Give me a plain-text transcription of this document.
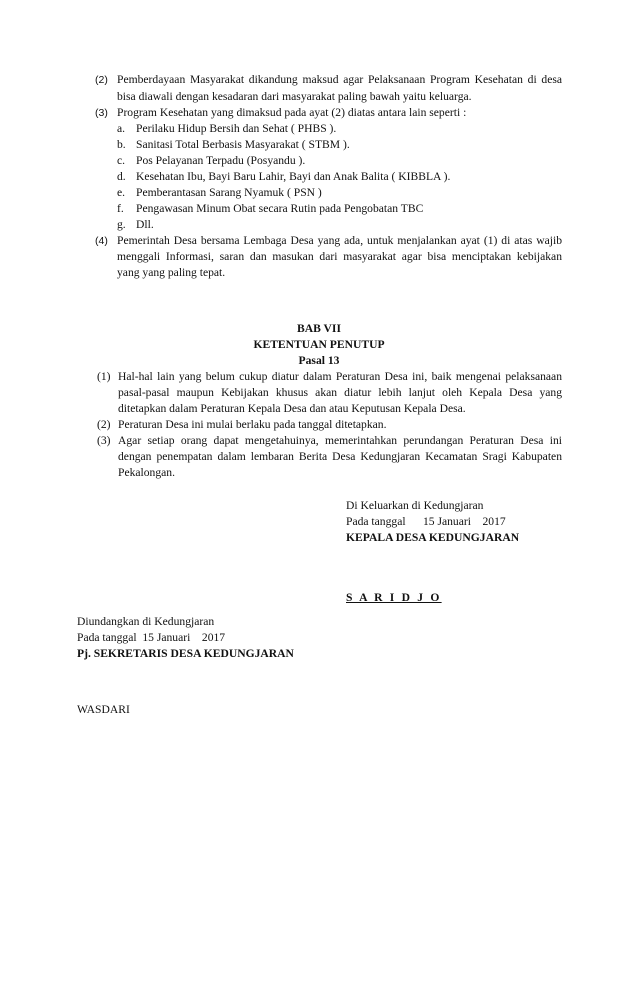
(2) Pemberdayaan Masyarakat dikandung maksud agar Pelaksanaan Program Kesehatan di desa
bisa diawali dengan kesadaran dari masyarakat paling bawah yaitu keluarga.
(3) Program Kesehatan yang dimaksud pada ayat (2) diatas antara lain seperti :
a. Perilaku Hidup Bersih dan Sehat ( PHBS ).
b. Sanitasi Total Berbasis Masyarakat ( STBM ).
c. Pos Pelayanan Terpadu (Posyandu ).
d. Kesehatan Ibu, Bayi Baru Lahir, Bayi dan Anak Balita ( KIBBLA ).
e. Pemberantasan Sarang Nyamuk ( PSN )
f. Pengawasan Minum Obat secara Rutin pada Pengobatan TBC
g. Dll.
(4) Pemerintah Desa bersama Lembaga Desa yang ada, untuk menjalankan ayat (1) di atas wajib
menggali Informasi, saran dan masukan dari masyarakat agar bisa menciptakan kebijakan
yang yang paling tepat.
BAB VII
KETENTUAN PENUTUP
Pasal 13
(1) Hal-hal lain yang belum cukup diatur dalam Peraturan Desa ini, baik mengenai pelaksanaan
pasal-pasal maupun Kebijakan khusus akan diatur lebih lanjut oleh Kepala Desa yang
ditetapkan dalam Peraturan Kepala Desa dan atau Keputusan Kepala Desa.
(2) Peraturan Desa ini mulai berlaku pada tanggal ditetapkan.
(3) Agar setiap orang dapat mengetahuinya, memerintahkan perundangan Peraturan Desa ini
dengan penempatan dalam lembaran Berita Desa Kedungjaran Kecamatan Sragi Kabupaten
Pekalongan.
Di Keluarkan di Kedungjaran
Pada tanggal      15 Januari    2017
KEPALA DESA KEDUNGJARAN
S A R I D J O
Diundangkan di Kedungjaran
Pada tanggal  15 Januari    2017
Pj. SEKRETARIS DESA KEDUNGJARAN
WASDARI
